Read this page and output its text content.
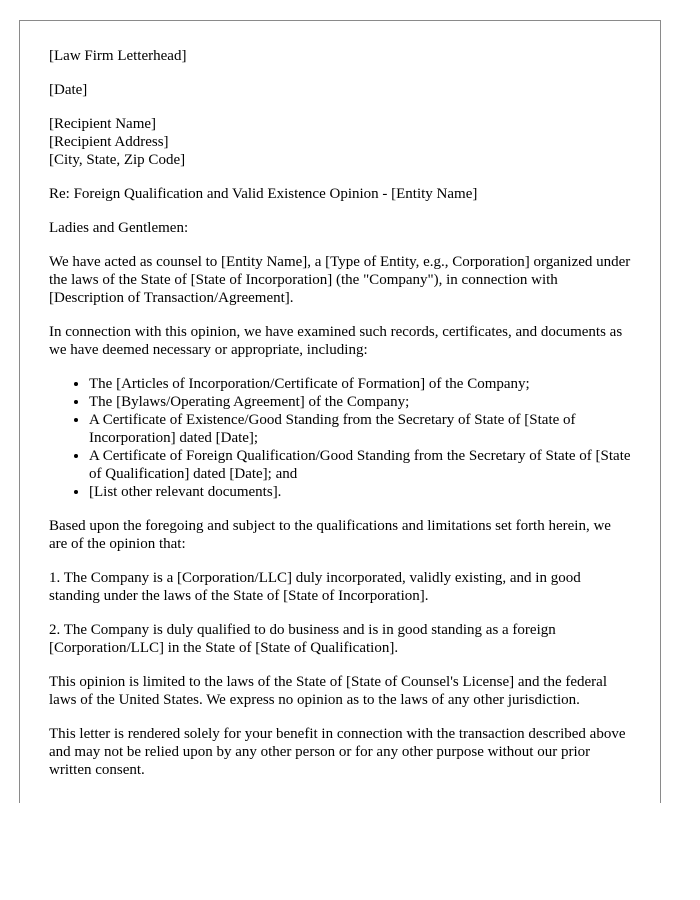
[Law Firm Letterhead]

[Date]

[Recipient Name]
[Recipient Address]
[City, State, Zip Code]

Re: Foreign Qualification and Valid Existence Opinion - [Entity Name]

Ladies and Gentlemen:

We have acted as counsel to [Entity Name], a [Type of Entity, e.g., Corporation] organized under the laws of the State of [State of Incorporation] (the "Company"), in connection with [Description of Transaction/Agreement].

In connection with this opinion, we have examined such records, certificates, and documents as we have deemed necessary or appropriate, including:

• The [Articles of Incorporation/Certificate of Formation] of the Company;
• The [Bylaws/Operating Agreement] of the Company;
• A Certificate of Existence/Good Standing from the Secretary of State of [State of Incorporation] dated [Date];
• A Certificate of Foreign Qualification/Good Standing from the Secretary of State of [State of Qualification] dated [Date]; and
• [List other relevant documents].

Based upon the foregoing and subject to the qualifications and limitations set forth herein, we are of the opinion that:

1. The Company is a [Corporation/LLC] duly incorporated, validly existing, and in good standing under the laws of the State of [State of Incorporation].

2. The Company is duly qualified to do business and is in good standing as a foreign [Corporation/LLC] in the State of [State of Qualification].

This opinion is limited to the laws of the State of [State of Counsel's License] and the federal laws of the United States. We express no opinion as to the laws of any other jurisdiction.

This letter is rendered solely for your benefit in connection with the transaction described above and may not be relied upon by any other person or for any other purpose without our prior written consent.
